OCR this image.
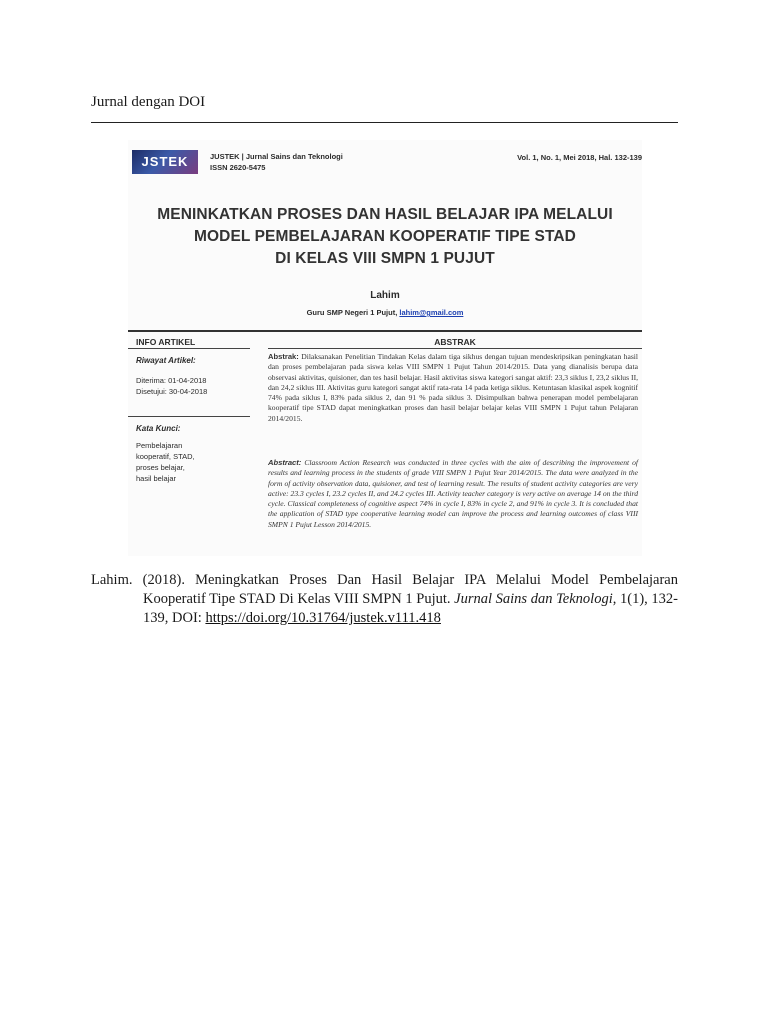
Jurnal dengan DOI
JSTEK	JUSTEK | Jurnal Sains dan Teknologi
ISSN 2620-5475
Vol. 1, No. 1, Mei 2018, Hal. 132-139
MENINKATKAN PROSES DAN HASIL BELAJAR IPA MELALUI
MODEL PEMBELAJARAN KOOPERATIF TIPE STAD
DI KELAS VIII SMPN 1 PUJUT
Lahim
Guru SMP Negeri 1 Pujut, lahim@gmail.com
INFO ARTIKEL	ABSTRAK
Riwayat Artikel:
Diterima: 01-04-2018
Disetujui: 30-04-2018
Kata Kunci:
Pembelajaran
kooperatif, STAD,
proses belajar,
hasil belajar
Abstrak: Dilaksanakan Penelitian Tindakan Kelas dalam tiga sikhus dengan tujuan mendeskripsikan peningkatan hasil dan proses pembelajaran pada siswa kelas VIII SMPN 1 Pujut Tahun 2014/2015. Data yang dianalisis berupa data observasi aktivitas, quisioner, dan tes hasil belajar. Hasil aktivitas siswa kategori sangat aktif: 23,3 siklus I, 23,2 siklus II, dan 24,2 siklus III. Aktivitas guru kategori sangat aktif rata-rata 14 pada ketiga siklus. Ketuntasan klasikal aspek kognitif 74% pada siklus I, 83% pada siklus 2, dan 91 % pada siklus 3. Disimpulkan bahwa penerapan model pembelajaran kooperatif tipe STAD dapat meningkatkan proses dan hasil belajar belajar kelas VIII SMPN 1 Pujut tahun Pelajaran 2014/2015.
Abstract: Classroom Action Research was conducted in three cycles with the aim of describing the improvement of results and learning process in the students of grade VIII SMPN 1 Pujut Year 2014/2015. The data were analyzed in the form of activity observation data, quisioner, and test of learning result. The results of student activity categories are very active: 23.3 cycles I, 23.2 cycles II, and 24.2 cycles III. Activity teacher category is very active on average 14 on the third cycle. Classical completeness of cognitive aspect 74% in cycle I, 83% in cycle 2, and 91% in cycle 3. It is concluded that the application of STAD type cooperative learning model can improve the process and learning outcomes of class VIII SMPN 1 Pujut Lesson 2014/2015.

Lahim. (2018). Meningkatkan Proses Dan Hasil Belajar IPA Melalui Model Pembelajaran Kooperatif Tipe STAD Di Kelas VIII SMPN 1 Pujut. Jurnal Sains dan Teknologi, 1(1), 132-139, DOI: https://doi.org/10.31764/justek.v111.418
